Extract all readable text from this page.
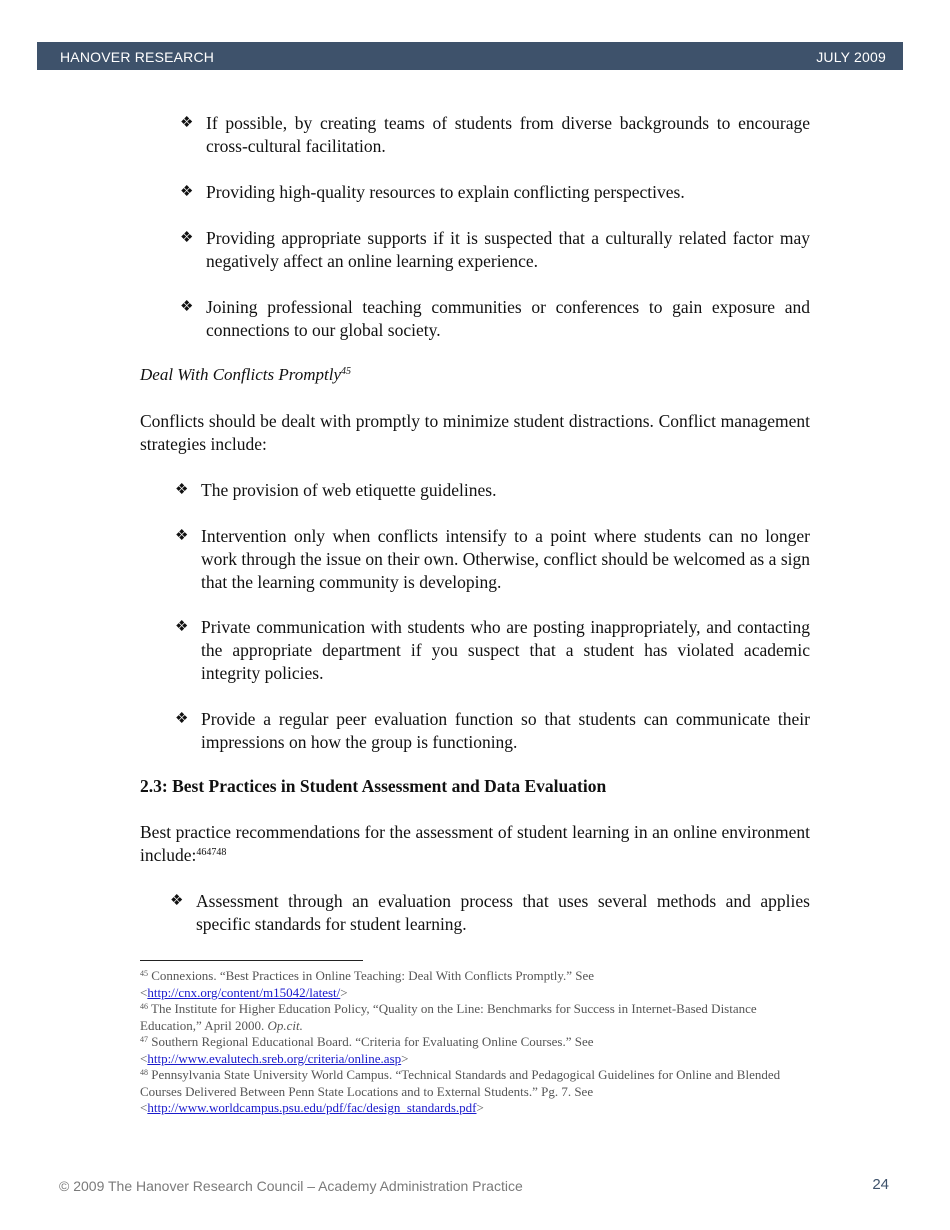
HANOVER RESEARCH	JULY 2009
❖ If possible, by creating teams of students from diverse backgrounds to encourage cross-cultural facilitation.
❖ Providing high-quality resources to explain conflicting perspectives.
❖ Providing appropriate supports if it is suspected that a culturally related factor may negatively affect an online learning experience.
❖ Joining professional teaching communities or conferences to gain exposure and connections to our global society.
Deal With Conflicts Promptly$^{45}$
Conflicts should be dealt with promptly to minimize student distractions. Conflict management strategies include:
❖ The provision of web etiquette guidelines.
❖ Intervention only when conflicts intensify to a point where students can no longer work through the issue on their own. Otherwise, conflict should be welcomed as a sign that the learning community is developing.
❖ Private communication with students who are posting inappropriately, and contacting the appropriate department if you suspect that a student has violated academic integrity policies.
❖ Provide a regular peer evaluation function so that students can communicate their impressions on how the group is functioning.
2.3: Best Practices in Student Assessment and Data Evaluation
Best practice recommendations for the assessment of student learning in an online environment include:$^{464748}$
❖ Assessment through an evaluation process that uses several methods and applies specific standards for student learning.

$^{45}$ Connexions. “Best Practices in Online Teaching: Deal With Conflicts Promptly.” See
<http://cnx.org/content/m15042/latest/>

$^{46}$ The Institute for Higher Education Policy, “Quality on the Line: Benchmarks for Success in Internet-Based Distance Education,” April 2000. Op.cit.

$^{47}$ Southern Regional Educational Board. “Criteria for Evaluating Online Courses.” See
<http://www.evalutech.sreb.org/criteria/online.asp>

$^{48}$ Pennsylvania State University World Campus. “Technical Standards and Pedagogical Guidelines for Online and Blended Courses Delivered Between Penn State Locations and to External Students.” Pg. 7. See
<http://www.worldcampus.psu.edu/pdf/fac/design_standards.pdf>

© 2009 The Hanover Research Council – Academy Administration Practice	24
